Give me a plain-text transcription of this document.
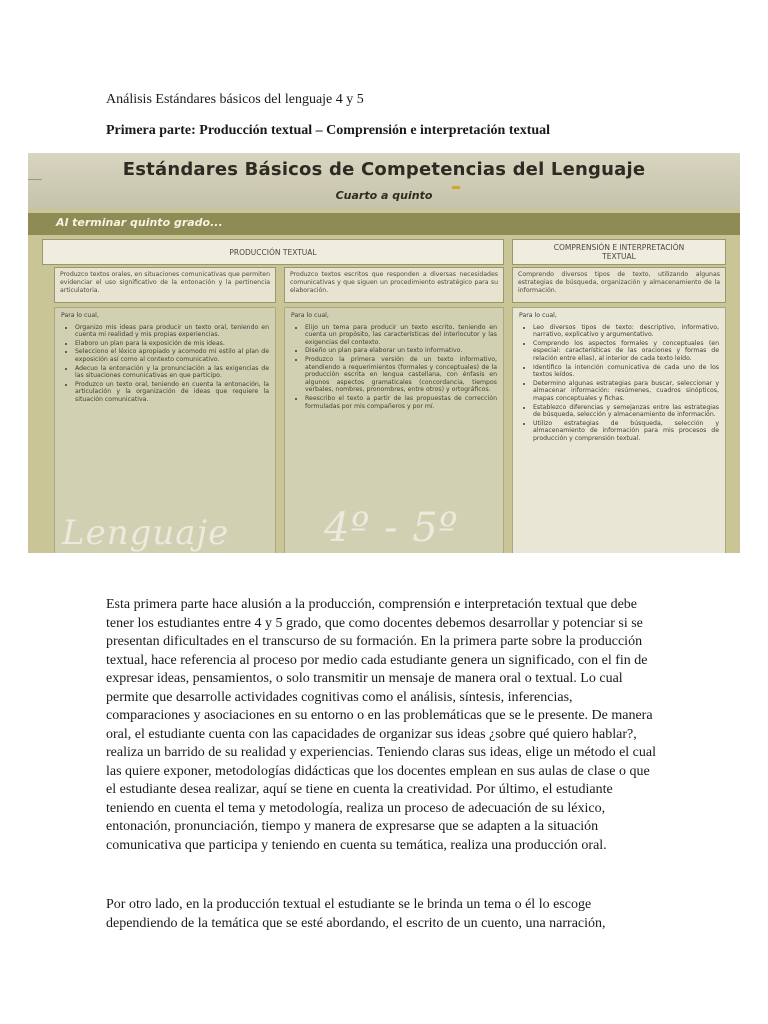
Análisis Estándares básicos del lenguaje 4 y 5
Primera parte: Producción textual – Comprensión e interpretación textual
Estándares Básicos de Competencias del Lenguaje
Cuarto a quinto
Al terminar quinto grado...
PRODUCCIÓN TEXTUAL	COMPRENSIÓN E INTERPRETACIÓN TEXTUAL
Produzco textos orales, en situaciones comunicativas que permiten evidenciar el uso significativo de la entonación y la pertinencia articulatoria.
Produzco textos escritos que responden a diversas necesidades comunicativas y que siguen un procedimiento estratégico para su elaboración.
Comprendo diversos tipos de texto, utilizando algunas estrategias de búsqueda, organización y almacenamiento de la información.
Para lo cual,
• Organizo mis ideas para producir un texto oral, teniendo en cuenta mi realidad y mis propias experiencias.
• Elaboro un plan para la exposición de mis ideas.
• Selecciono el léxico apropiado y acomodo mi estilo al plan de exposición así como al contexto comunicativo.
• Adecuo la entonación y la pronunciación a las exigencias de las situaciones comunicativas en que participo.
• Produzco un texto oral, teniendo en cuenta la entonación, la articulación y la organización de ideas que requiere la situación comunicativa.
Para lo cual,
• Elijo un tema para producir un texto escrito, teniendo en cuenta un propósito, las características del interlocutor y las exigencias del contexto.
• Diseño un plan para elaborar un texto informativo.
• Produzco la primera versión de un texto informativo, atendiendo a requerimientos (formales y conceptuales) de la producción escrita en lengua castellana, con énfasis en algunos aspectos gramaticales (concordancia, tiempos verbales, nombres, pronombres, entre otros) y ortográficos.
• Reescribo el texto a partir de las propuestas de corrección formuladas por mis compañeros y por mí.
Para lo cual,
• Leo diversos tipos de texto: descriptivo, informativo, narrativo, explicativo y argumentativo.
• Comprendo los aspectos formales y conceptuales (en especial: características de las oraciones y formas de relación entre ellas), al interior de cada texto leído.
• Identifico la intención comunicativa de cada uno de los textos leídos.
• Determino algunas estrategias para buscar, seleccionar y almacenar información: resúmenes, cuadros sinópticos, mapas conceptuales y fichas.
• Establezco diferencias y semejanzas entre las estrategias de búsqueda, selección y almacenamiento de información.
• Utilizo estrategias de búsqueda, selección y almacenamiento de información para mis procesos de producción y comprensión textual.
Lenguaje 4º - 5º

Esta primera parte hace alusión a la producción, comprensión e interpretación textual que debe tener los estudiantes entre 4 y 5 grado, que como docentes debemos desarrollar y potenciar si se presentan dificultades en el transcurso de su formación. En la primera parte sobre la producción textual, hace referencia al proceso por medio cada estudiante genera un significado, con el fin de expresar ideas, pensamientos, o solo transmitir un mensaje de manera oral o textual. Lo cual permite que desarrolle actividades cognitivas como el análisis, síntesis, inferencias, comparaciones y asociaciones en su entorno o en las problemáticas que se le presente. De manera oral, el estudiante cuenta con las capacidades de organizar sus ideas ¿sobre qué quiero hablar?, realiza un barrido de su realidad y experiencias. Teniendo claras sus ideas, elige un método el cual las quiere exponer, metodologías didácticas que los docentes emplean en sus aulas de clase o que el estudiante desea realizar, aquí se tiene en cuenta la creatividad. Por último, el estudiante teniendo en cuenta el tema y metodología, realiza un proceso de adecuación de su léxico, entonación, pronunciación, tiempo y manera de expresarse que se adapten a la situación comunicativa que participa y teniendo en cuenta su temática, realiza una producción oral.

Por otro lado, en la producción textual el estudiante se le brinda un tema o él lo escoge dependiendo de la temática que se esté abordando, el escrito de un cuento, una narración,
